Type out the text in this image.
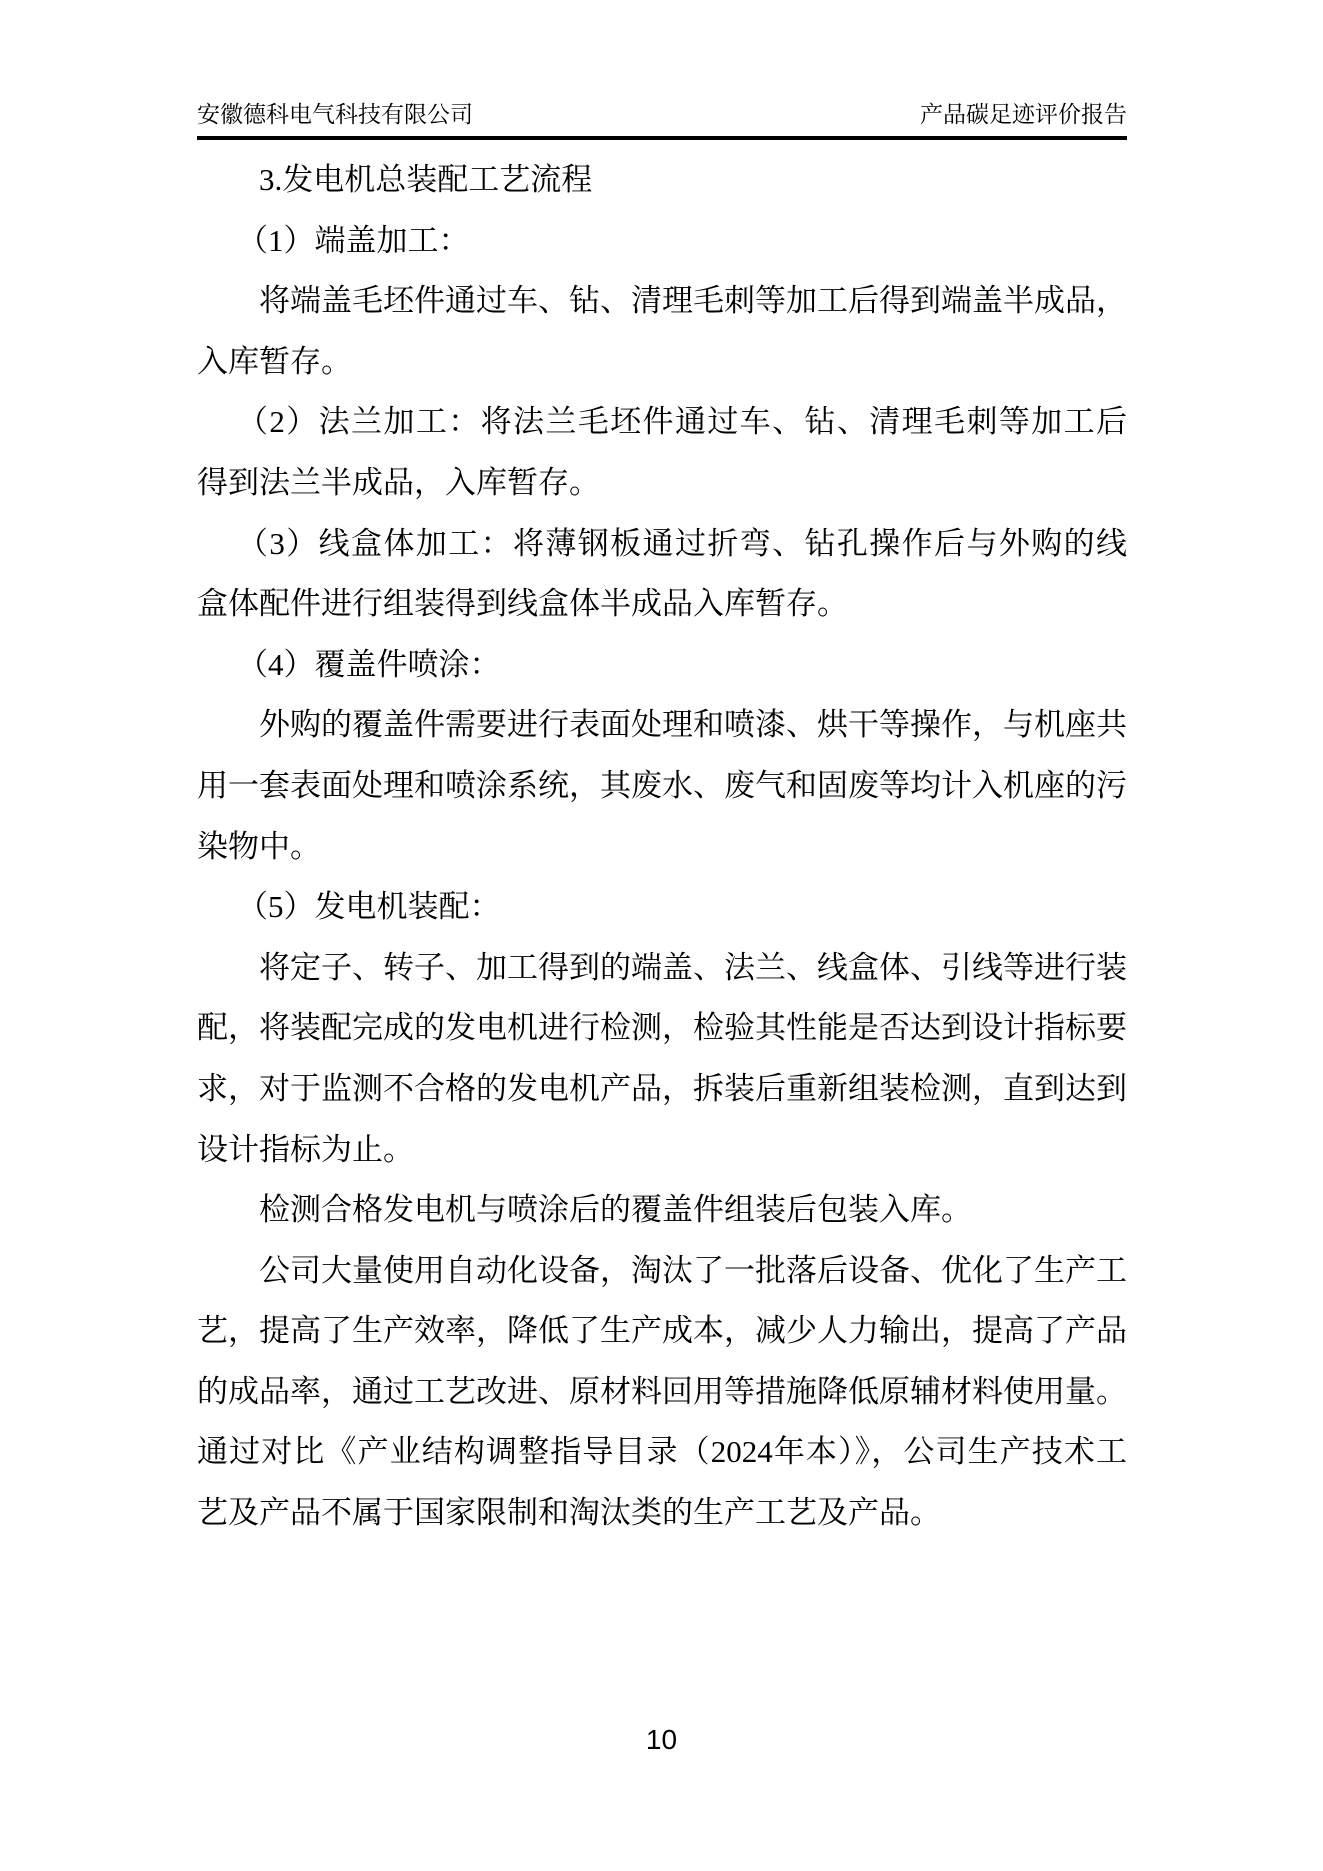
安徽德科电气科技有限公司	产品碳足迹评价报告
3.发电机总装配工艺流程
（1）端盖加工：
将端盖毛坯件通过车、钻、清理毛刺等加工后得到端盖半成品，
入库暂存。
（2）法兰加工：将法兰毛坯件通过车、钻、清理毛刺等加工后
得到法兰半成品，入库暂存。
（3）线盒体加工：将薄钢板通过折弯、钻孔操作后与外购的线
盒体配件进行组装得到线盒体半成品入库暂存。
（4）覆盖件喷涂：
外购的覆盖件需要进行表面处理和喷漆、烘干等操作，与机座共
用一套表面处理和喷涂系统，其废水、废气和固废等均计入机座的污
染物中。
（5）发电机装配：
将定子、转子、加工得到的端盖、法兰、线盒体、引线等进行装
配，将装配完成的发电机进行检测，检验其性能是否达到设计指标要
求，对于监测不合格的发电机产品，拆装后重新组装检测，直到达到
设计指标为止。
检测合格发电机与喷涂后的覆盖件组装后包装入库。
公司大量使用自动化设备，淘汰了一批落后设备、优化了生产工
艺，提高了生产效率，降低了生产成本，减少人力输出，提高了产品
的成品率，通过工艺改进、原材料回用等措施降低原辅材料使用量。
通过对比《产业结构调整指导目录（2024年本）》，公司生产技术工
艺及产品不属于国家限制和淘汰类的生产工艺及产品。
10
